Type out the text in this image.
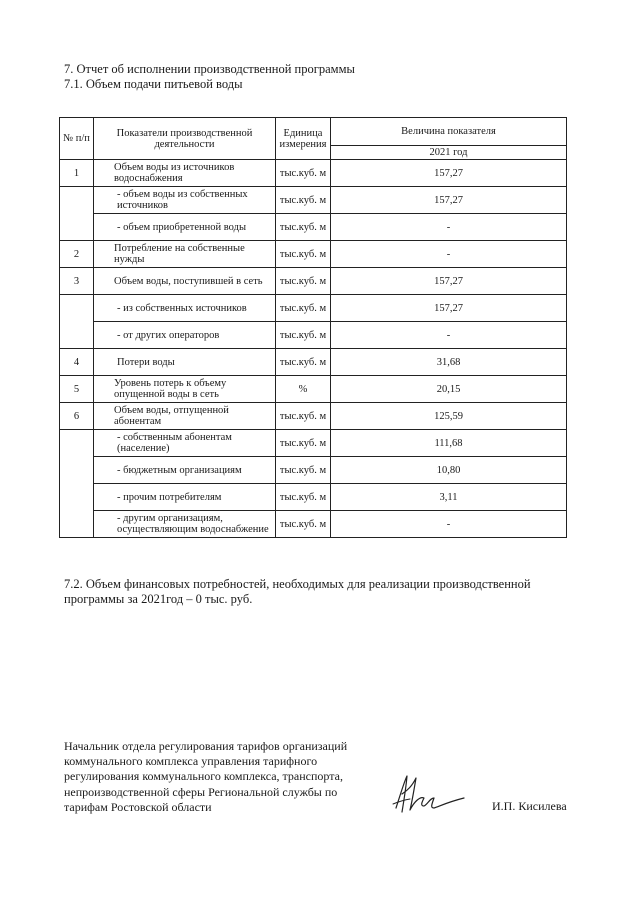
7. Отчет об исполнении производственной программы
7.1. Объем подачи питьевой воды
№ п/п	Показатели производственной деятельности	Единица измерения	Величина показателя
			2021 год
1	Объем воды из источников водоснабжения	тыс.куб. м	157,27
	- объем воды из собственных источников	тыс.куб. м	157,27
	- объем приобретенной воды	тыс.куб. м	-
2	Потребление на собственные нужды	тыс.куб. м	-
3	Объем воды, поступившей в сеть	тыс.куб. м	157,27
	- из собственных источников	тыс.куб. м	157,27
	- от других операторов	тыс.куб. м	-
4	Потери воды	тыс.куб. м	31,68
5	Уровень потерь к объему опущенной воды в сеть	%	20,15
6	Объем воды, отпущенной абонентам	тыс.куб. м	125,59
	- собственным абонентам (население)	тыс.куб. м	111,68
	- бюджетным организациям	тыс.куб. м	10,80
	- прочим потребителям	тыс.куб. м	3,11
	- другим организациям, осуществляющим водоснабжение	тыс.куб. м	-
7.2. Объем финансовых потребностей, необходимых для реализации производственной программы за 2021год – 0 тыс. руб.
Начальник отдела регулирования тарифов организаций коммунального комплекса управления тарифного регулирования коммунального комплекса, транспорта, непроизводственной сферы Региональной службы по тарифам Ростовской области	И.П. Кисилева
